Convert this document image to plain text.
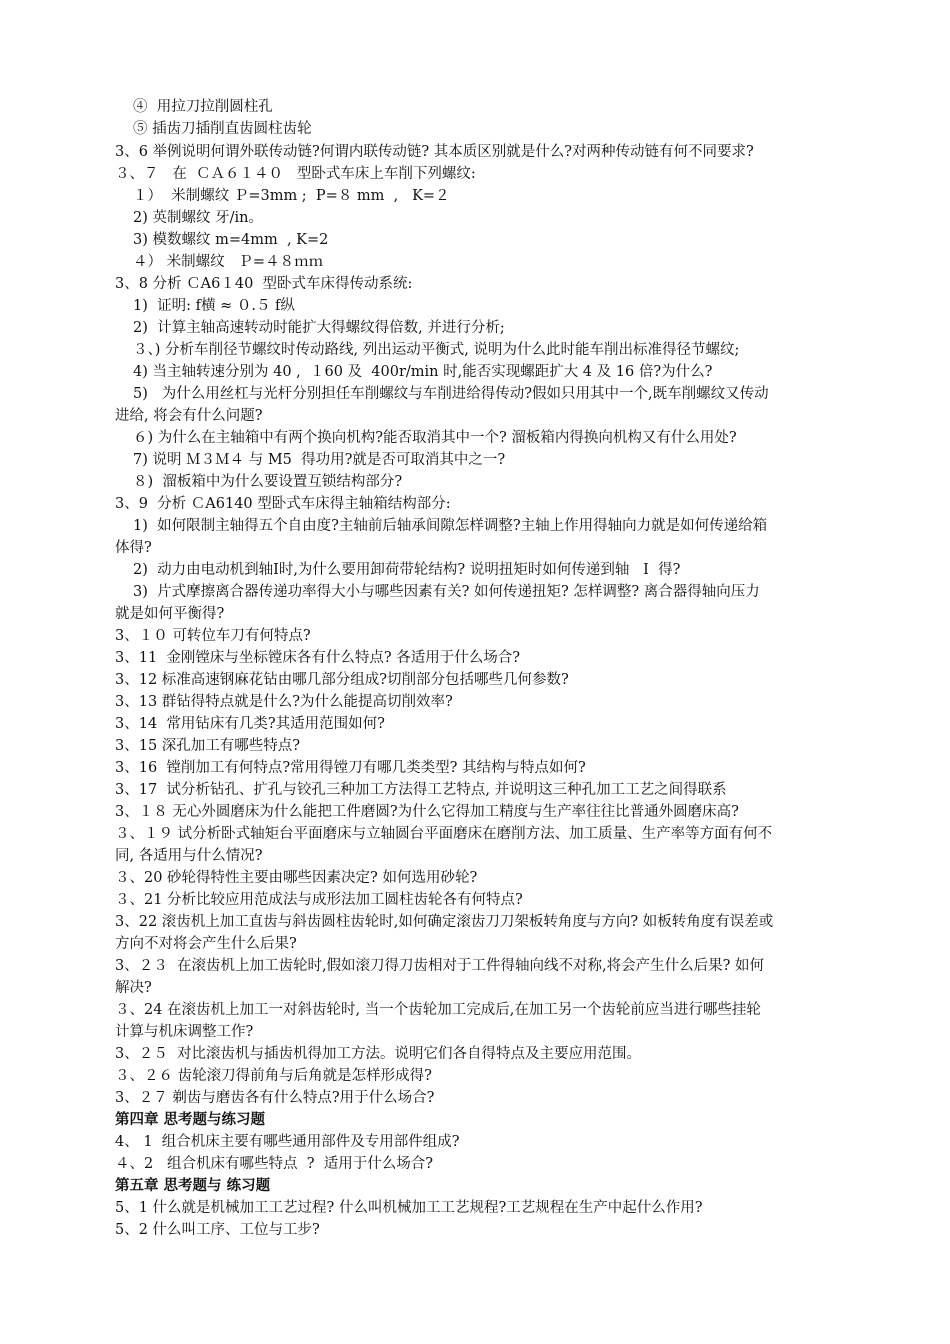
④  用拉刀拉削圆柱孔
⑤ 插齿刀插削直齿圆柱齿轮
3、6 举例说明何谓外联传动链?何谓内联传动链? 其本质区别就是什么?对两种传动链有何不同要求?
３、７   在  ＣＡ６１４０   型卧式车床上车削下列螺纹:
１）  米制螺纹 Ｐ=3mm ;  P=８ mm  ,   K=２
2) 英制螺纹 牙/in。
3) 模数螺纹 m=4mm  , K=2
４） 米制螺纹   Ｐ=４８ｍｍ
3、8 分析 ＣA6１40  型卧式车床得传动系统:
1)  证明: f横 ≈ ０.５ f纵
2)  计算主轴高速转动时能扩大得螺纹得倍数, 并进行分析;
３、) 分析车削径节螺纹时传动路线, 列出运动平衡式, 说明为什么此时能车削出标准得径节螺纹;
4) 当主轴转速分别为 40 ,  １60 及  400r/min 时,能否实现螺距扩大 4 及 16 倍?为什么?
5)   为什么用丝杠与光杆分别担任车削螺纹与车削进给得传动?假如只用其中一个,既车削螺纹又传动
进给, 将会有什么问题?
６) 为什么在主轴箱中有两个换向机构?能否取消其中一个? 溜板箱内得换向机构又有什么用处?
7) 说明 Ｍ３Ｍ４ 与 M5  得功用?就是否可取消其中之一?
８)  溜板箱中为什么要设置互锁结构部分?
3、9  分析 ＣA6140 型卧式车床得主轴箱结构部分:
1)  如何限制主轴得五个自由度?主轴前后轴承间隙怎样调整?主轴上作用得轴向力就是如何传递给箱
体得?
2)  动力由电动机到轴Ⅰ时,为什么要用卸荷带轮结构? 说明扭矩时如何传递到轴   Ⅰ  得?
3)  片式摩擦离合器传递功率得大小与哪些因素有关? 如何传递扭矩? 怎样调整? 离合器得轴向压力
就是如何平衡得?
3、１０ 可转位车刀有何特点?
3、11  金刚镗床与坐标镗床各有什么特点? 各适用于什么场合?
3、12 标准高速钢麻花钻由哪几部分组成?切削部分包括哪些几何参数?
3、13 群钻得特点就是什么?为什么能提高切削效率?
3、14  常用钻床有几类?其适用范围如何?
3、15 深孔加工有哪些特点?
3、16  镗削加工有何特点?常用得镗刀有哪几类类型? 其结构与特点如何?
3、17  试分析钻孔、扩孔与铰孔三种加工方法得工艺特点, 并说明这三种孔加工工艺之间得联系
3、１８ 无心外圆磨床为什么能把工件磨圆?为什么它得加工精度与生产率往往比普通外圆磨床高?
３、１９ 试分析卧式轴矩台平面磨床与立轴圆台平面磨床在磨削方法、加工质量、生产率等方面有何不
同, 各适用与什么情况?
３、20 砂轮得特性主要由哪些因素决定? 如何选用砂轮?
３、21 分析比较应用范成法与成形法加工圆柱齿轮各有何特点?
3、22 滚齿机上加工直齿与斜齿圆柱齿轮时,如何确定滚齿刀刀架板转角度与方向? 如板转角度有误差或
方向不对将会产生什么后果?
3、２３  在滚齿机上加工齿轮时,假如滚刀得刀齿相对于工件得轴向线不对称,将会产生什么后果? 如何
解决?
３、24 在滚齿机上加工一对斜齿轮时, 当一个齿轮加工完成后,在加工另一个齿轮前应当进行哪些挂轮
计算与机床调整工作?
3、２５  对比滚齿机与插齿机得加工方法。说明它们各自得特点及主要应用范围。
３、２６ 齿轮滚刀得前角与后角就是怎样形成得?
3、２７ 剃齿与磨齿各有什么特点?用于什么场合?
第四章 思考题与练习题
4、 1  组合机床主要有哪些通用部件及专用部件组成?
４、2   组合机床有哪些特点  ?  适用于什么场合?
第五章 思考题与 练习题
5、1 什么就是机械加工工艺过程? 什么叫机械加工工艺规程?工艺规程在生产中起什么作用?
5、2 什么叫工序、工位与工步?
